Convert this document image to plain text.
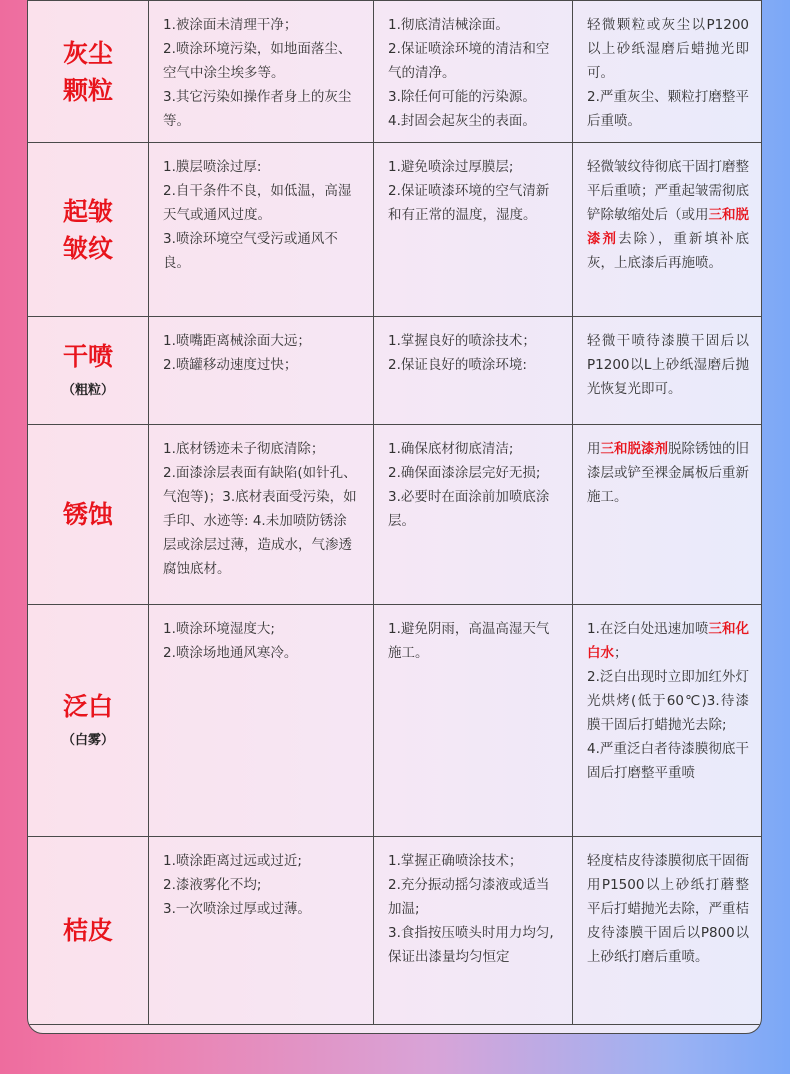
灰尘
颗粒	1.被涂面未清理干净；
2.喷涂环境污染，如地面落尘、空气中涂尘埃多等。
3.其它污染如操作者身上的灰尘等。	1.彻底清洁械涂面。
2.保证喷涂环境的清洁和空气的清净。
3.除任何可能的污染源。
4.封固会起灰尘的表面。	轻微颗粒或灰尘以P1200以上砂纸湿磨后蜡抛光即可。
2.严重灰尘、颗粒打磨整平后重喷。

起皱
皱纹	1.膜层喷涂过厚:
2.自干条件不良，如低温，高湿天气或通风过度。
3.喷涂环境空气受污或通风不良。	1.避免喷涂过厚膜层;
2.保证喷漆环境的空气清新和有正常的温度，湿度。	轻微皱纹待彻底干固打磨整平后重喷；严重起皱需彻底铲除敏缩处后（或用三和脱漆剂去除），重新填补底灰，上底漆后再施喷。

干喷
（粗粒）	1.喷嘴距离械涂面大远；
2.喷罐移动速度过快；	1.掌握良好的喷涂技术；
2.保证良好的喷涂环境:	轻微干喷待漆膜干固后以P1200以L上砂纸湿磨后抛光恢复光即可。

锈蚀	1.底材锈迹未子彻底清除；
2.面漆涂层表面有缺陷(如针孔、气泡等)；3.底材表面受污染，如手印、水迹等: 4.未加喷防锈涂层或涂层过薄，造成水，气渗透腐蚀底材。	1.确保底材彻底清洁;
2.确保面漆涂层完好无损;
3.必要时在面涂前加喷底涂层。	用三和脱漆剂脱除锈蚀的旧漆层或铲至裸金属板后重新施工。

泛白
（白雾）	1.喷涂环境湿度大;
2.喷涂场地通风寒冷。	1.避免阴雨，高温高湿天气施工。	1.在泛白处迅速加喷三和化白水；
2.泛白出现时立即加红外灯光烘烤(低于60℃)3.待漆膜干固后打蜡抛光去除;
4.严重泛白者待漆膜彻底干固后打磨整平重喷

桔皮	1.喷涂距离过远或过近;
2.漆液雾化不均;
3.一次喷涂过厚或过薄。	1.掌握正确喷涂技术；
2.充分振动摇匀漆液或适当加温;
3.食指按压喷头时用力均匀,保证出漆量均匀恒定	轻度桔皮待漆膜彻底干固衙用P1500以上砂纸打蘑整平后打蜡抛光去除，严重桔皮待漆膜干固后以P800以上砂纸打磨后重喷。
